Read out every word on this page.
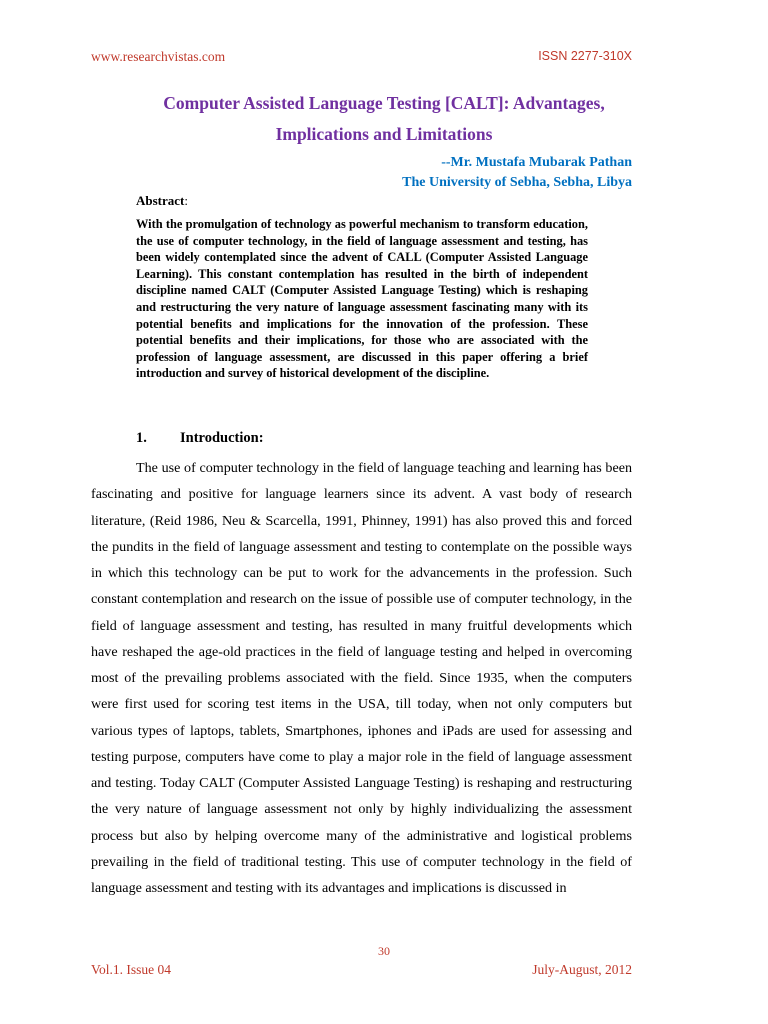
www.researchvistas.com	ISSN 2277-310X
Computer Assisted Language Testing [CALT]: Advantages,
Implications and Limitations
--Mr. Mustafa Mubarak Pathan
The University of Sebha, Sebha, Libya
Abstract:

With the promulgation of technology as powerful mechanism to transform education, the use of computer technology, in the field of language assessment and testing, has been widely contemplated since the advent of CALL (Computer Assisted Language Learning). This constant contemplation has resulted in the birth of independent discipline named CALT (Computer Assisted Language Testing) which is reshaping and restructuring the very nature of language assessment fascinating many with its potential benefits and implications for the innovation of the profession. These potential benefits and their implications, for those who are associated with the profession of language assessment, are discussed in this paper offering a brief introduction and survey of historical development of the discipline.

1. Introduction:

The use of computer technology in the field of language teaching and learning has been fascinating and positive for language learners since its advent. A vast body of research literature, (Reid 1986, Neu & Scarcella, 1991, Phinney, 1991) has also proved this and forced the pundits in the field of language assessment and testing to contemplate on the possible ways in which this technology can be put to work for the advancements in the profession. Such constant contemplation and research on the issue of possible use of computer technology, in the field of language assessment and testing, has resulted in many fruitful developments which have reshaped the age-old practices in the field of language testing and helped in overcoming most of the prevailing problems associated with the field. Since 1935, when the computers were first used for scoring test items in the USA, till today, when not only computers but various types of laptops, tablets, Smartphones, iphones and iPads are used for assessing and testing purpose, computers have come to play a major role in the field of language assessment and testing. Today CALT (Computer Assisted Language Testing) is reshaping and restructuring the very nature of language assessment not only by highly individualizing the assessment process but also by helping overcome many of the administrative and logistical problems prevailing in the field of traditional testing. This use of computer technology in the field of language assessment and testing with its advantages and implications is discussed in

30
Vol.1. Issue 04	July-August, 2012
